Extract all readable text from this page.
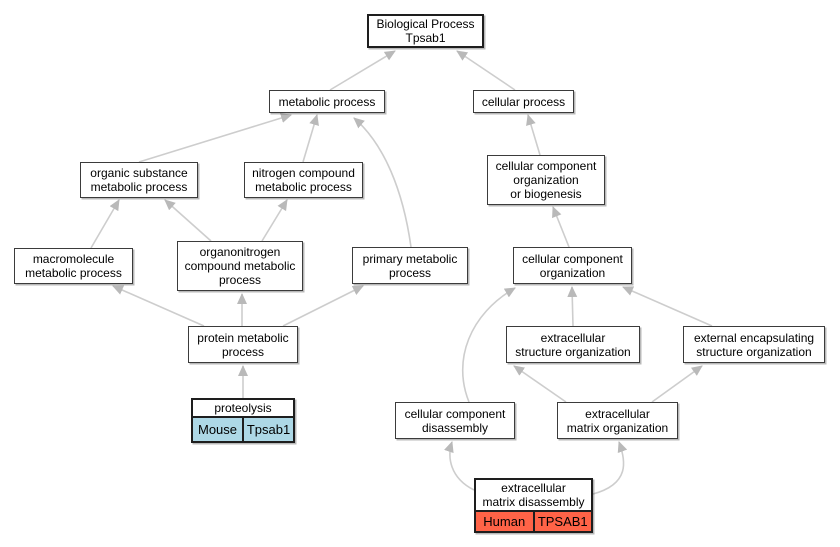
Biological Process
Tpsab1
metabolic process	cellular process
organic substance
metabolic process
nitrogen compound
metabolic process
cellular component
organization
or biogenesis
macromolecule
metabolic process
organonitrogen
compound metabolic
process
primary metabolic
process
cellular component
organization
protein metabolic
process
extracellular
structure organization
external encapsulating
structure organization
proteolysis
Mouse Tpsab1
cellular component
disassembly
extracellular
matrix organization
extracellular
matrix disassembly
Human TPSAB1
